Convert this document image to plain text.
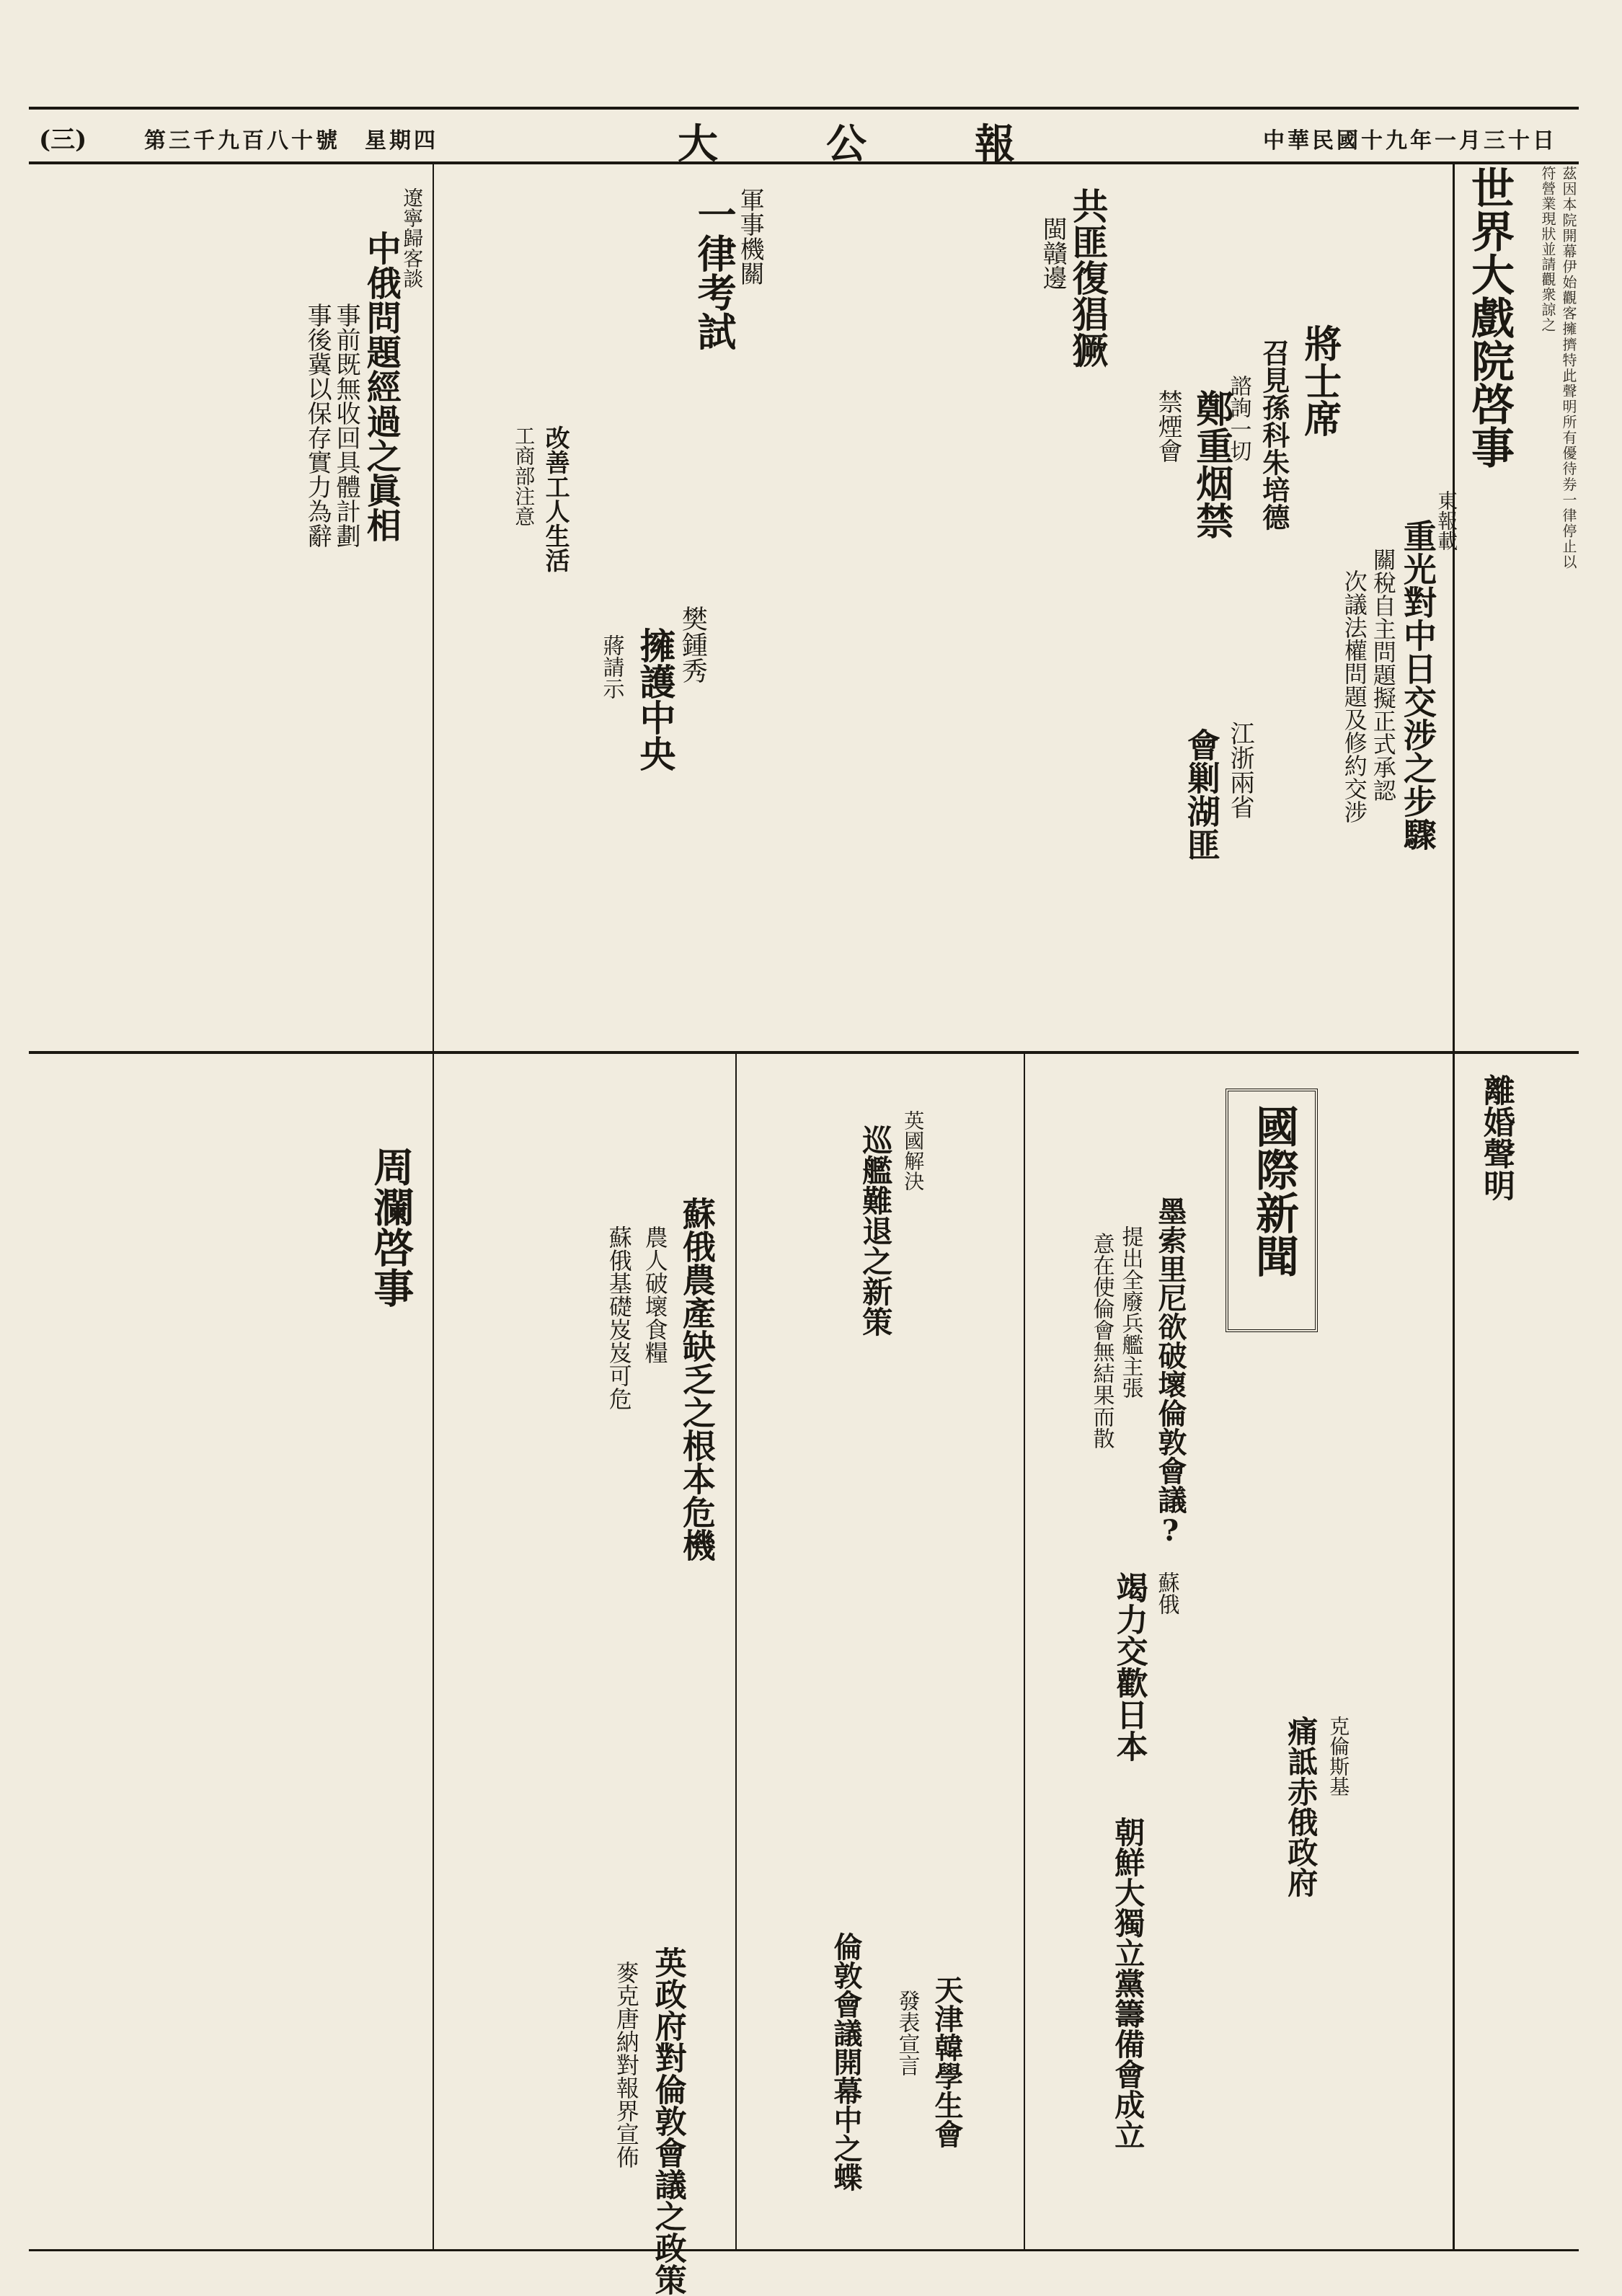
中華民國十九年一月三十日
大公報
第三千九百八十號　 星期四
(三)
世界大戲院啓事	茲因本院開幕伊始觀客擁擠特此聲明所有優待券一律停止以符營業現狀並請觀衆諒之
離婚聲明
將士席
召見孫科朱培德
諮詢一切
鄭重烟禁
禁煙會
共匪復猖獗
閩贛邊
一律考試
軍事機關
改善工人生活
工商部注意
重光對中日交涉之步驟
關稅自主問題擬正式承認
次議法權問題及修約交涉
東報載
擁護中央 樊鍾秀
蔣請示
會剿湖匪 江浙兩省
中俄問題經過之眞相
事前既無收回具體計劃
事後冀以保存實力為辭
遼寧歸客談
國際新聞
墨索里尼欲破壞倫敦會議?
提出全廢兵艦主張
意在使倫會無結果而散
巡艦難退之新策 英國解決
竭力交歡日本 蘇俄
蘇俄農產缺乏之根本危機
農人破壞食糧
蘇俄基礎岌岌可危
痛詆赤俄政府 克倫斯基
朝鮮大獨立黨籌備會成立
倫敦會議開幕中之蝶
英政府對倫敦會議之政策
麥克唐納對報界宣佈	天津韓學生會
發表宣言
周瀾啓事
